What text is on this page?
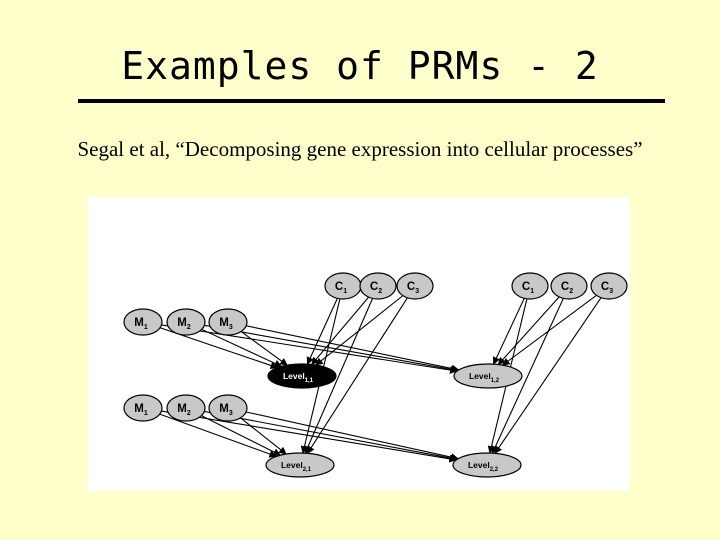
Examples of PRMs - 2
Segal et al, “Decomposing gene expression into cellular processes”
$C_1$ $C_2$ $C_3$	$C_1$ $C_2$ $C_3$
$M_1$	$M_2$ $M_3$
$M_1$	$M_2$ $M_3$
Level$_{1,1}$	Level$_{1,2}$
Level$_{2,1}$	Level$_{2,2}$
